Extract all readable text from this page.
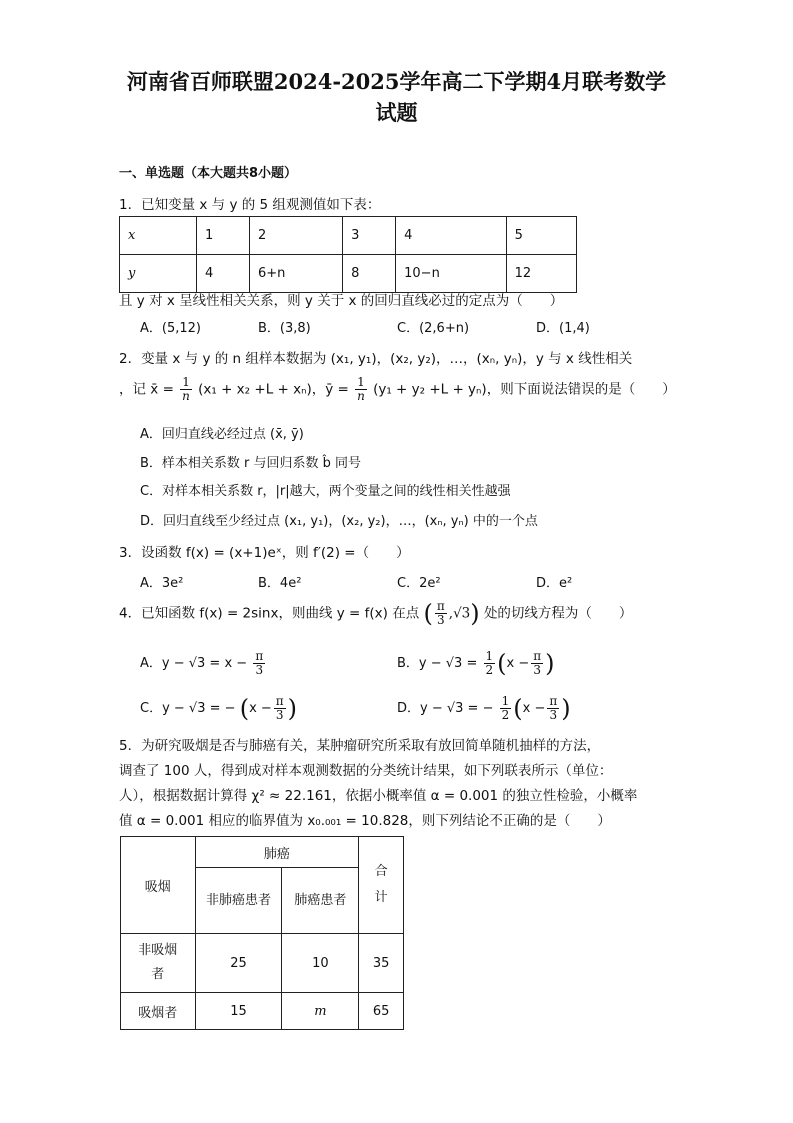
河南省百师联盟2024-2025学年高二下学期4月联考数学
试题
一、单选题（本大题共8小题）
1．已知变量 x 与 y 的 5 组观测值如下表：
x	1	2	3	4	5
y	4	6+n	8	10−n	12
且 y 对 x 呈线性相关关系，则 y 关于 x 的回归直线必过的定点为（　　）
A．(5,12)	B．(3,8)	C．(2,6+n)	D．(1,4)
2．变量 x 与 y 的 n 组样本数据为 (x₁, y₁)，(x₂, y₂)，…，(xₙ, yₙ)，y 与 x 线性相关
，记 x̄ = $\frac{1}{n} (x_1 + x_2 +L + x_n)$，ȳ = $\frac{1}{n} (y_1 + y_2 +L + y_n)$，则下面说法错误的是（　　）
A．回归直线必经过点 (x̄, ȳ)
B．样本相关系数 r 与回归系数 b̂ 同号
C．对样本相关系数 r，|r|越大，两个变量之间的线性相关性越强
D．回归直线至少经过点 (x₁, y₁)，(x₂, y₂)，…，(xₙ, yₙ) 中的一个点
3．设函数 f(x) = (x+1)eˣ，则 f′(2) =（　　）
A．3e²	B．4e²	C．2e²	D．e²
4．已知函数 f(x) = 2sinx，则曲线 y = f(x) 在点 ( $\frac{\pi}{3} ,√3$) 处的切线方程为（　　）
A．$y - √3 = x - \frac{\pi}{3}$	B．$y - √3 = \frac{1}{2} (x - \frac{\pi}{3}$ )
C．y − √3 = − ($x - \frac{\pi}{3}$ )	D．y − √3 = − $\frac{1}{2} (x - \frac{\pi}{3}$ )
5．为研究吸烟是否与肺癌有关，某肿瘤研究所采取有放回简单随机抽样的方法，
调查了 100 人，得到成对样本观测数据的分类统计结果，如下列联表所示（单位：
人），根据数据计算得 χ² ≈ 22.161，依据小概率值 α = 0.001 的独立性检验，小概率
值 α = 0.001 相应的临界值为 x₀.₀₀₁ = 10.828，则下列结论不正确的是（　　）
吸烟	肺癌		合计
	非肺癌患者	肺癌患者	
非吸烟者	25	10	35
吸烟者	15	m	65
